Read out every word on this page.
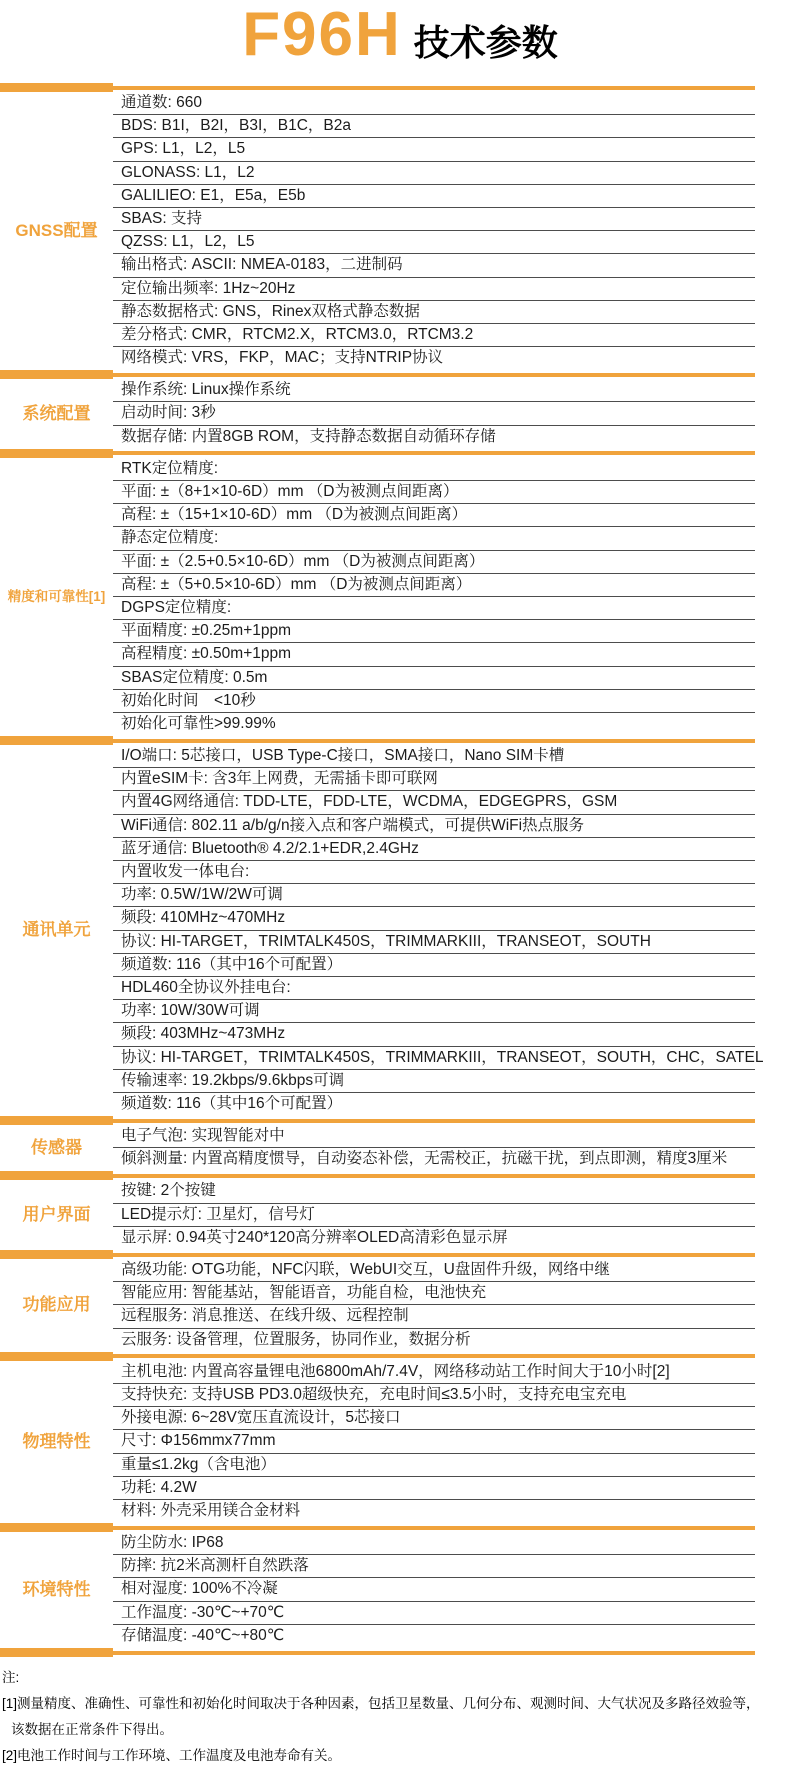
F96H 技术参数
GNSS配置
通道数: 660
BDS: B1I，B2I，B3I，B1C，B2a
GPS: L1，L2，L5
GLONASS: L1，L2
GALILIEO: E1，E5a，E5b
SBAS: 支持
QZSS: L1，L2，L5
输出格式: ASCII: NMEA-0183，二进制码
定位输出频率: 1Hz~20Hz
静态数据格式: GNS，Rinex双格式静态数据
差分格式: CMR，RTCM2.X，RTCM3.0，RTCM3.2
网络模式: VRS，FKP，MAC；支持NTRIP协议
系统配置
操作系统: Linux操作系统
启动时间: 3秒
数据存储: 内置8GB ROM，支持静态数据自动循环存储
精度和可靠性[1]
RTK定位精度:
平面: ±（8+1×10-6D）mm （D为被测点间距离）
高程: ±（15+1×10-6D）mm （D为被测点间距离）
静态定位精度:
平面: ±（2.5+0.5×10-6D）mm （D为被测点间距离）
高程: ±（5+0.5×10-6D）mm （D为被测点间距离）
DGPS定位精度:
平面精度: ±0.25m+1ppm
高程精度: ±0.50m+1ppm
SBAS定位精度: 0.5m
初始化时间　<10秒
初始化可靠性>99.99%
通讯单元
I/O端口: 5芯接口，USB Type-C接口，SMA接口，Nano SIM卡槽
内置eSIM卡: 含3年上网费，无需插卡即可联网
内置4G网络通信: TDD-LTE，FDD-LTE，WCDMA，EDGEGPRS，GSM
WiFi通信: 802.11 a/b/g/n接入点和客户端模式，可提供WiFi热点服务
蓝牙通信: Bluetooth® 4.2/2.1+EDR,2.4GHz
内置收发一体电台:
功率: 0.5W/1W/2W可调
频段: 410MHz~470MHz
协议: HI-TARGET，TRIMTALK450S，TRIMMARKIII，TRANSEOT，SOUTH
频道数: 116（其中16个可配置）
HDL460全协议外挂电台:
功率: 10W/30W可调
频段: 403MHz~473MHz
协议: HI-TARGET，TRIMTALK450S，TRIMMARKIII，TRANSEOT，SOUTH，CHC，SATEL
传输速率: 19.2kbps/9.6kbps可调
频道数: 116（其中16个可配置）
传感器
电子气泡: 实现智能对中
倾斜测量: 内置高精度惯导，自动姿态补偿，无需校正，抗磁干扰，到点即测，精度3厘米
用户界面
按键: 2个按键
LED提示灯: 卫星灯，信号灯
显示屏: 0.94英寸240*120高分辨率OLED高清彩色显示屏
功能应用
高级功能: OTG功能，NFC闪联，WebUI交互，U盘固件升级，网络中继
智能应用: 智能基站，智能语音，功能自检，电池快充
远程服务: 消息推送、在线升级、远程控制
云服务: 设备管理，位置服务，协同作业，数据分析
物理特性
主机电池: 内置高容量锂电池6800mAh/7.4V，网络移动站工作时间大于10小时[2]
支持快充: 支持USB PD3.0超级快充，充电时间≤3.5小时，支持充电宝充电
外接电源: 6~28V宽压直流设计，5芯接口
尺寸: Φ156mmx77mm
重量≤1.2kg（含电池）
功耗: 4.2W
材料: 外壳采用镁合金材料
环境特性
防尘防水: IP68
防摔: 抗2米高测杆自然跌落
相对湿度: 100%不冷凝
工作温度: -30℃~+70℃
存储温度: -40℃~+80℃
注:
[1]测量精度、准确性、可靠性和初始化时间取决于各种因素，包括卫星数量、几何分布、观测时间、大气状况及多路径效验等，
该数据在正常条件下得出。
[2]电池工作时间与工作环境、工作温度及电池寿命有关。
